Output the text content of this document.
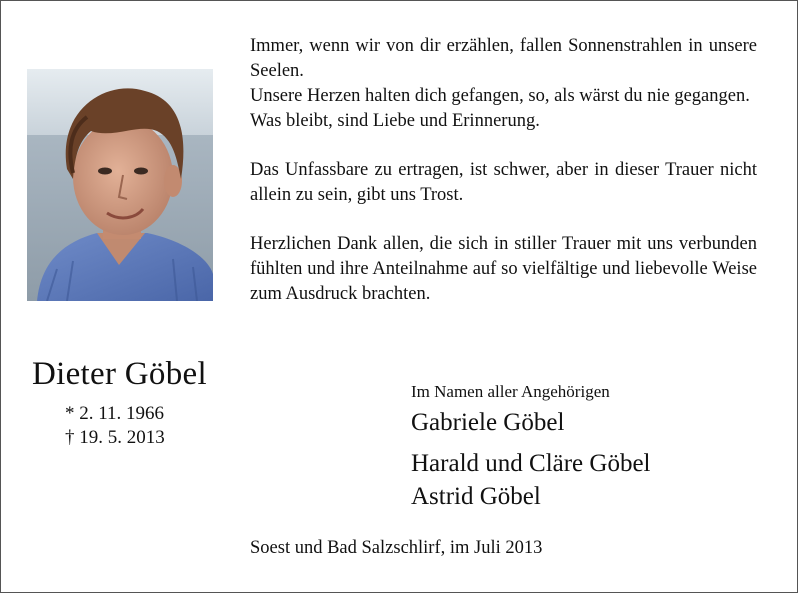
Dieter Göbel
* 2. 11. 1966
† 19. 5. 2013

Immer, wenn wir von dir erzählen, fallen Sonnenstrahlen in unsere Seelen.

Unsere Herzen halten dich gefangen, so, als wärst du nie gegangen.

Was bleibt, sind Liebe und Erinnerung.

Das Unfassbare zu ertragen, ist schwer, aber in dieser Trauer nicht allein zu sein, gibt uns Trost.

Herzlichen Dank allen, die sich in stiller Trauer mit uns verbunden fühlten und ihre Anteilnahme auf so vielfältige und liebevolle Weise zum Ausdruck brachten.

Im Namen aller Angehörigen
Gabriele Göbel
Harald und Cläre Göbel
Astrid Göbel
Soest und Bad Salzschlirf, im Juli 2013
